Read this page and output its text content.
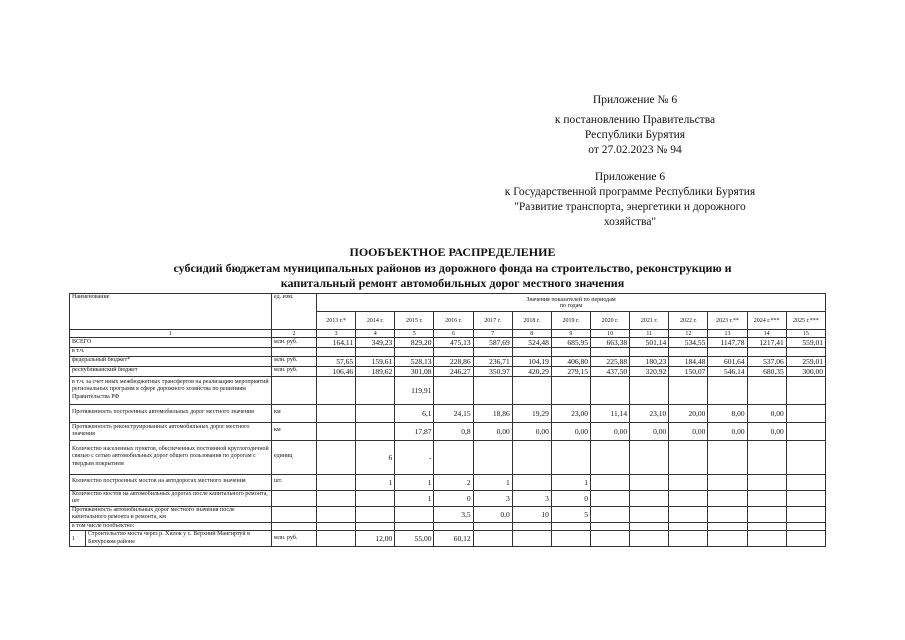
Приложение № 6
к постановлению Правительства
Республики Бурятия
от 27.02.2023 № 94
Приложение 6
к Государственной программе Республики Бурятия
"Развитие транспорта, энергетики и дорожного
хозяйства"
ПООБЪЕКТНОЕ РАСПРЕДЕЛЕНИЕ
субсидий бюджетам муниципальных районов из дорожного фонда на строительство, реконструкцию и
капитальный ремонт автомобильных дорог местного значения
Наименование		ед. изм.	Значения показателей по периодам
по годам												

			2013 г.*	2014 г.	2015 г.	2016 г.	2017 г.	2018 г.	2019 г.	2020 г.	2021 г.	2022 г.	2023 г.**	2024 г.***	2025 г.***
1		2	3	4	5	6	7	8	9	10	11	12	13	14	15
ВСЕГО		млн. руб.	164,11	349,23	829,20	475,13	587,69	524,48	685,95	663,38	501,14	534,55	1147,78	1217,41	559,01
в т.ч.															
федеральный бюджет*		млн. руб.	57,65	159,61	528,13	228,86	236,71	104,19	406,80	225,88	180,23	184,48	601,64	537,06	259,01
республиканский бюджет		млн. руб.	106,46	189,62	301,08	246,27	350,97	420,29	279,15	437,50	320,92	150,07	546,14	680,35	300,00
в т.ч. за счет иных межбюджетных трансфертов на реализацию мероприятий региональных программ в сфере дорожного хозяйства по решениям Правительства РФ					119,91										
Протяженность построенных автомобильных дорог местного значения		км			6,1	24,15	18,86	19,29	23,00	11,14	23,10	20,00	8,00	0,00	
Протяженность реконструированных автомобильных дорог местного значения		км			17,87	0,8	0,00	0,00	0,00	0,00	0,00	0,00	0,00	0,00	
Количество населенных пунктов, обеспеченных постоянной круглогодичной связью с сетью автомобильных дорог общего пользования по дорогам с твердым покрытием		единиц		6	-										
Количество построенных мостов на автодорогах местного значения		шт.		1	1	2	1		1						
Количество мостов на автомобильных дорогах после капитального ремонта, шт					1	0	3	3	0						
Протяженность автомобильных дорог местного значения после капитального ремонта и ремонта, км						3,5	0,0	10	5						
в том числе пообъектно:															
1	Строительство моста через р. Хилок у с. Верхний Мангиртуй в Бичурском районе	млн. руб.		12,00	55,00	60,12									
